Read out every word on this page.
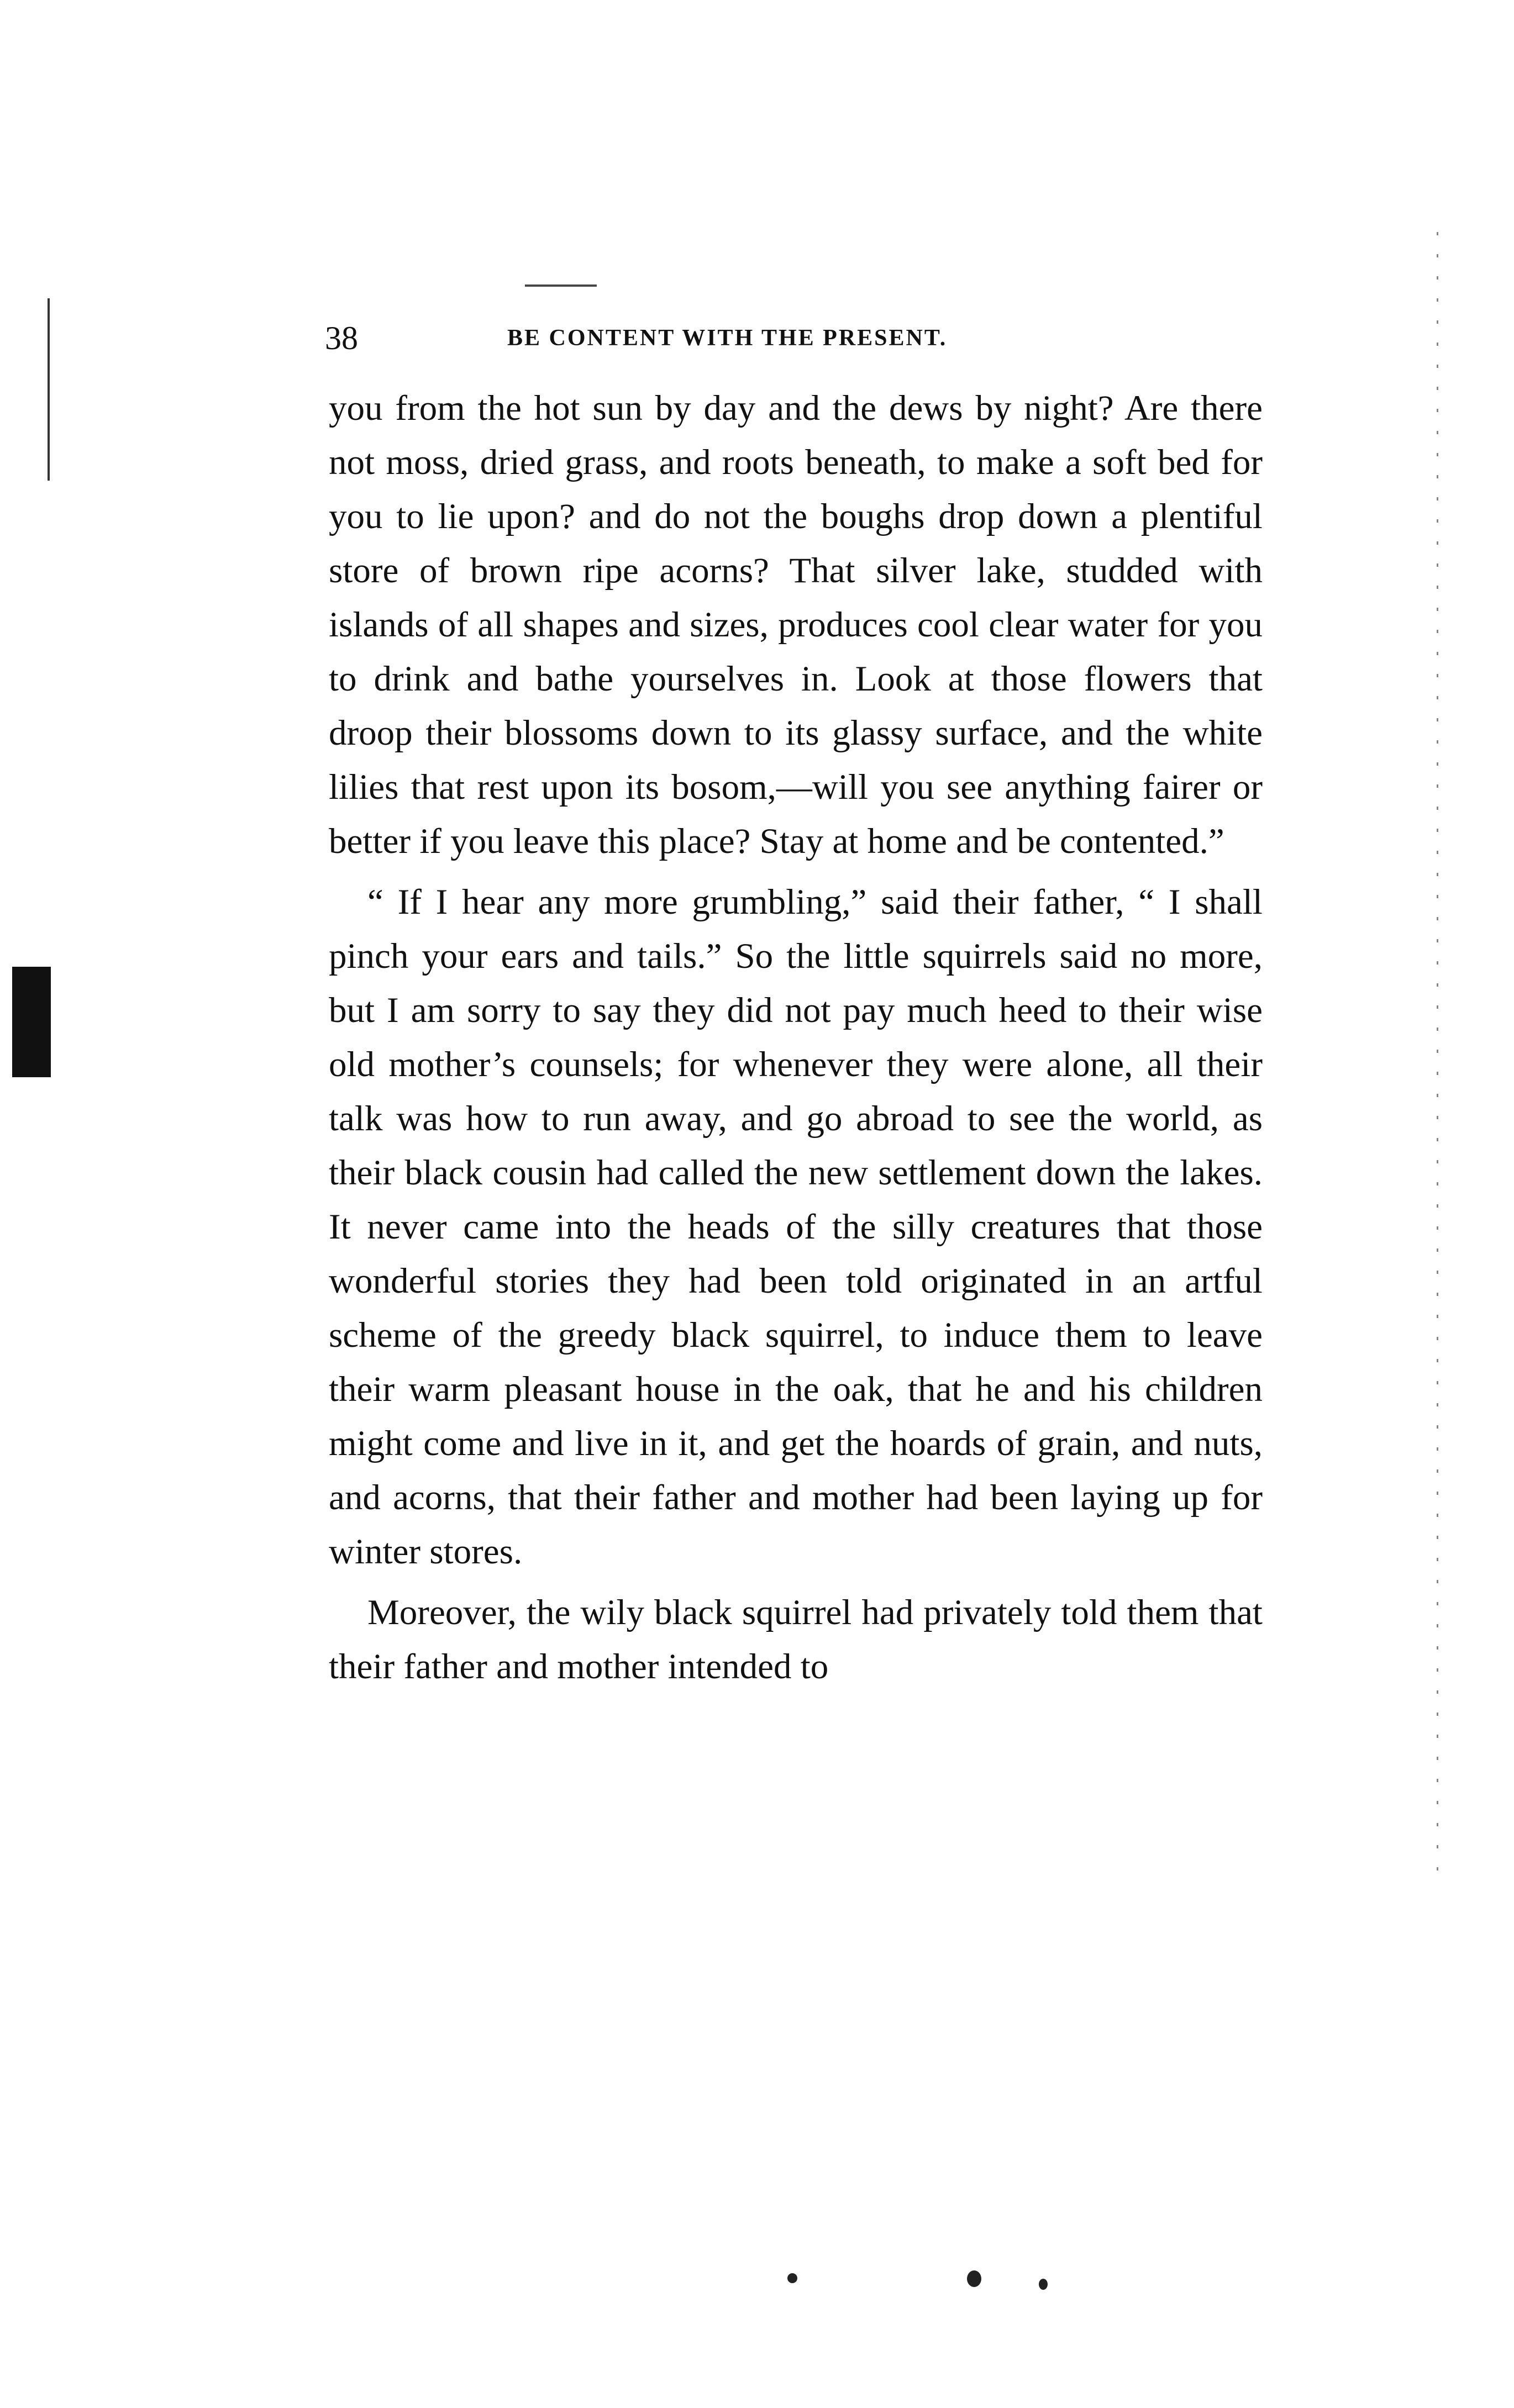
38	BE CONTENT WITH THE PRESENT.

you from the hot sun by day and the dews by night? Are there not moss, dried grass, and roots beneath, to make a soft bed for you to lie upon? and do not the boughs drop down a plentiful store of brown ripe acorns? That silver lake, studded with islands of all shapes and sizes, produces cool clear water for you to drink and bathe yourselves in. Look at those flowers that droop their blossoms down to its glassy surface, and the white lilies that rest upon its bosom,—will you see anything fairer or better if you leave this place? Stay at home and be contented.”

“ If I hear any more grumbling,” said their father, “ I shall pinch your ears and tails.” So the little squirrels said no more, but I am sorry to say they did not pay much heed to their wise old mother’s counsels; for whenever they were alone, all their talk was how to run away, and go abroad to see the world, as their black cousin had called the new settlement down the lakes. It never came into the heads of the silly creatures that those wonderful stories they had been told originated in an artful scheme of the greedy black squirrel, to induce them to leave their warm pleasant house in the oak, that he and his children might come and live in it, and get the hoards of grain, and nuts, and acorns, that their father and mother had been laying up for winter stores.

Moreover, the wily black squirrel had privately told them that their father and mother intended to
